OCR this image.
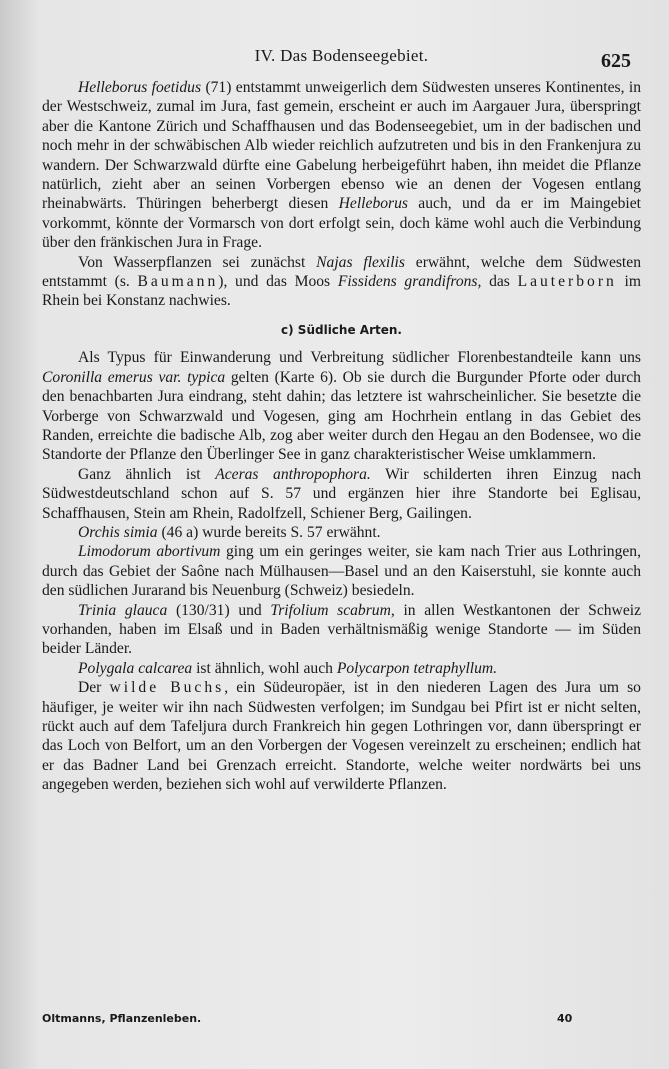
IV. Das Bodenseegebiet.	625

Helleborus foetidus (71) entstammt unweigerlich dem Südwesten unseres Kontinentes, in der Westschweiz, zumal im Jura, fast gemein, erscheint er auch im Aargauer Jura, überspringt aber die Kantone Zürich und Schaffhausen und das Bodenseegebiet, um in der badischen und noch mehr in der schwäbischen Alb wieder reichlich aufzutreten und bis in den Frankenjura zu wandern. Der Schwarzwald dürfte eine Gabelung herbeigeführt haben, ihn meidet die Pflanze natürlich, zieht aber an seinen Vorbergen ebenso wie an denen der Vogesen entlang rheinabwärts. Thüringen beherbergt diesen Helleborus auch, und da er im Maingebiet vorkommt, könnte der Vormarsch von dort erfolgt sein, doch käme wohl auch die Verbindung über den fränkischen Jura in Frage.

Von Wasserpflanzen sei zunächst Najas flexilis erwähnt, welche dem Südwesten entstammt (s. Baumann), und das Moos Fissidens grandifrons, das Lauterborn im Rhein bei Konstanz nachwies.

c) Südliche Arten.

Als Typus für Einwanderung und Verbreitung südlicher Florenbestandteile kann uns Coronilla emerus var. typica gelten (Karte 6). Ob sie durch die Burgunder Pforte oder durch den benachbarten Jura eindrang, steht dahin; das letztere ist wahrscheinlicher. Sie besetzte die Vorberge von Schwarzwald und Vogesen, ging am Hochrhein entlang in das Gebiet des Randen, erreichte die badische Alb, zog aber weiter durch den Hegau an den Bodensee, wo die Standorte der Pflanze den Überlinger See in ganz charakteristischer Weise umklammern.

Ganz ähnlich ist Aceras anthropophora. Wir schilderten ihren Einzug nach Südwestdeutschland schon auf S. 57 und ergänzen hier ihre Standorte bei Eglisau, Schaffhausen, Stein am Rhein, Radolfzell, Schiener Berg, Gailingen.

Orchis simia (46 a) wurde bereits S. 57 erwähnt.

Limodorum abortivum ging um ein geringes weiter, sie kam nach Trier aus Lothringen, durch das Gebiet der Saône nach Mülhausen—Basel und an den Kaiserstuhl, sie konnte auch den südlichen Jurarand bis Neuenburg (Schweiz) besiedeln.

Trinia glauca (130/31) und Trifolium scabrum, in allen Westkantonen der Schweiz vorhanden, haben im Elsaß und in Baden verhältnismäßig wenige Standorte — im Süden beider Länder.

Polygala calcarea ist ähnlich, wohl auch Polycarpon tetraphyllum.

Der wilde Buchs, ein Südeuropäer, ist in den niederen Lagen des Jura um so häufiger, je weiter wir ihn nach Südwesten verfolgen; im Sundgau bei Pfirt ist er nicht selten, rückt auch auf dem Tafeljura durch Frankreich hin gegen Lothringen vor, dann überspringt er das Loch von Belfort, um an den Vorbergen der Vogesen vereinzelt zu erscheinen; endlich hat er das Badner Land bei Grenzach erreicht. Standorte, welche weiter nordwärts bei uns angegeben werden, beziehen sich wohl auf verwilderte Pflanzen.

Oltmanns, Pflanzenleben.	40
